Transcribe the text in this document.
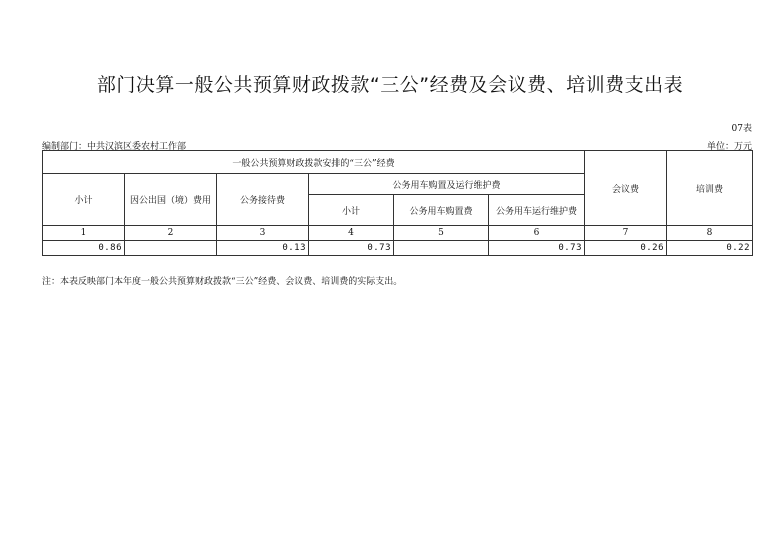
部门决算一般公共预算财政拨款“三公”经费及会议费、培训费支出表
07表
编制部门：中共汉滨区委农村工作部	单位：万元
一般公共预算财政拨款安排的“三公”经费						会议费	培训费
小计	因公出国（境）费用	公务接待费	公务用车购置及运行维护费				
			小计	公务用车购置费	公务用车运行维护费		
1	2	3	4	5	6	7	8
0.86		0.13	0.73		0.73	0.26	0.22
注：本表反映部门本年度一般公共预算财政拨款“三公”经费、会议费、培训费的实际支出。
